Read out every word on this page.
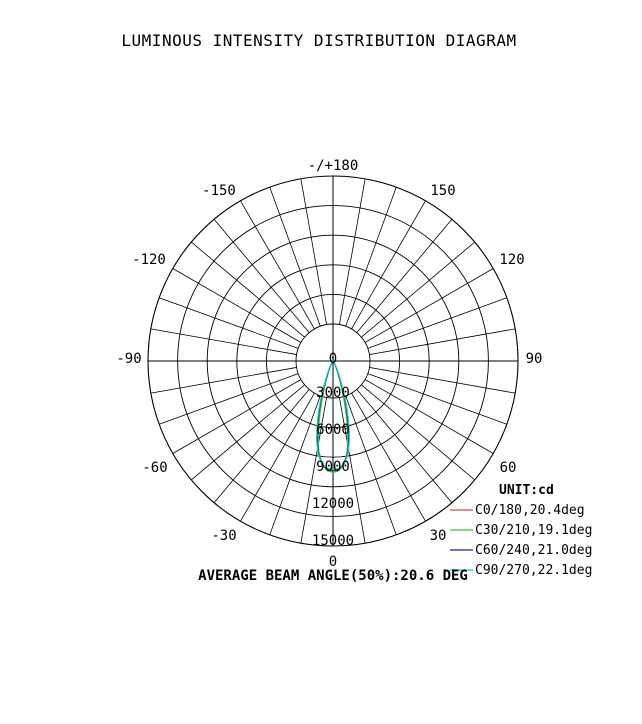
LUMINOUS INTENSITY DISTRIBUTION DIAGRAM
-/+180
-150	150
-120	120
-90	90
0
-60	60
-30	30
0
3000
6000
9000
12000
15000
UNIT:cd
C0/180,20.4deg
C30/210,19.1deg
C60/240,21.0deg
C90/270,22.1deg
AVERAGE BEAM ANGLE(50%):20.6 DEG
